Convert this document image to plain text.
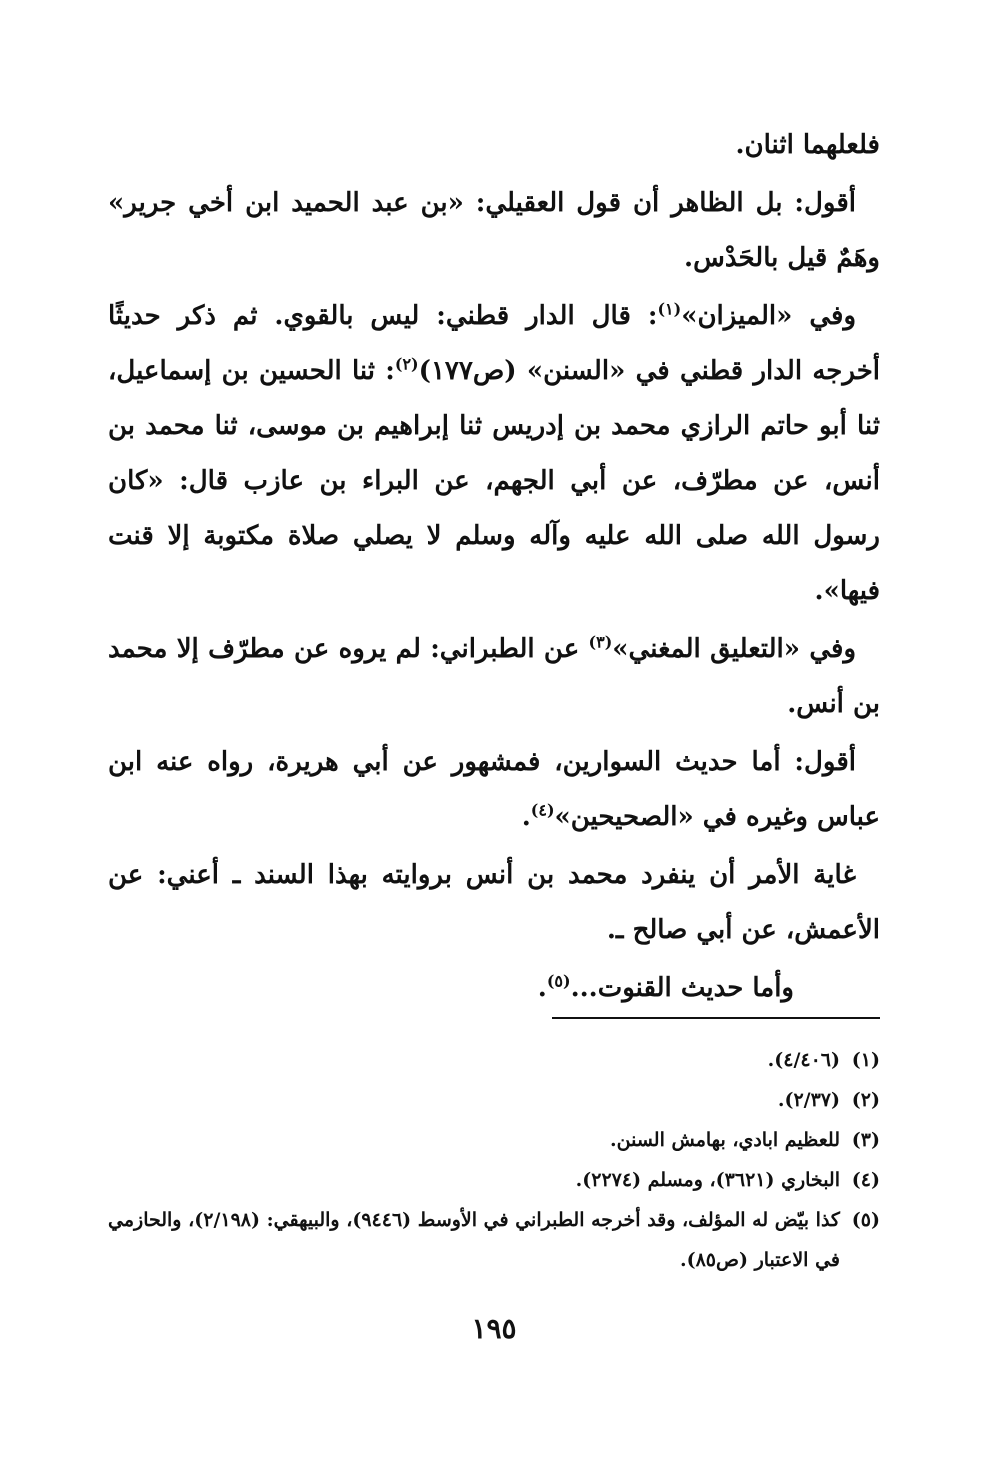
فلعلهما اثنان.

أقول: بل الظاهر أن قول العقيلي: «بن عبد الحميد ابن أخي جرير» وهَمٌ قيل بالحَدْس.

وفي «الميزان»$^{(١)}$: قال الدار قطني: ليس بالقوي. ثم ذكر حديثًا أخرجه الدار قطني في «السنن» (ص١٧٧)$^{(٢)}$: ثنا الحسين بن إسماعيل، ثنا أبو حاتم الرازي محمد بن إدريس ثنا إبراهيم بن موسى، ثنا محمد بن أنس، عن مطرّف، عن أبي الجهم، عن البراء بن عازب قال: «كان رسول الله صلى الله عليه وآله وسلم لا يصلي صلاة مكتوبة إلا قنت فيها».

وفي «التعليق المغني»$^{(٣)}$ عن الطبراني: لم يروه عن مطرّف إلا محمد بن أنس.

أقول: أما حديث السوارين، فمشهور عن أبي هريرة، رواه عنه ابن عباس وغيره في «الصحيحين»$^{(٤)}$.

غاية الأمر أن ينفرد محمد بن أنس بروايته بهذا السند ـ أعني: عن الأعمش، عن أبي صالح ـ.

وأما حديث القنوت...$^{(٥)}$.

(١)
(٤/٤٠٦).
(٢)
(٢/٣٧).
(٣)
للعظيم ابادي، بهامش السنن.
(٤)
البخاري (٣٦٢١)، ومسلم (٢٢٧٤).
(٥)
كذا بيّض له المؤلف، وقد أخرجه الطبراني في الأوسط (٩٤٤٦)، والبيهقي: (٢/١٩٨)، والحازمي في الاعتبار (ص٨٥).
١٩٥
